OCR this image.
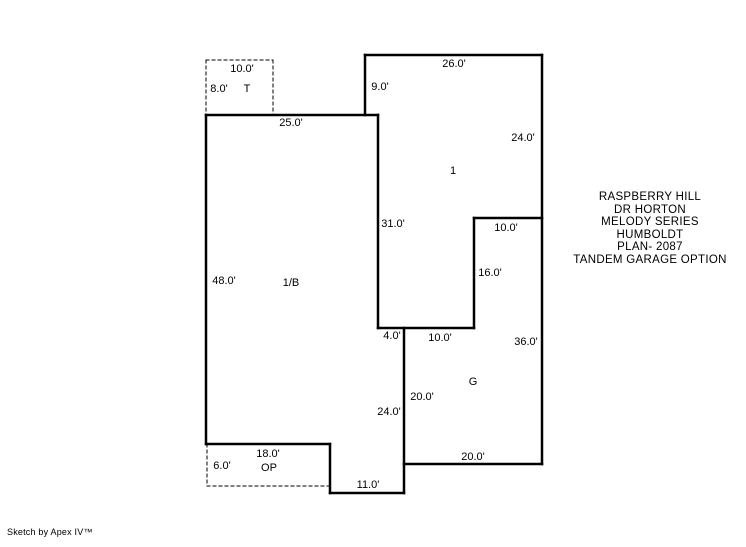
10.0'
8.0' T
25.0'
9.0'
26.0'
24.0'
1
31.0'	10.0'
16.0'
48.0'	1/B
4.0'	10.0'	36.0'
G
20.0'
24.0'
18.0'
OP
6.0'
20.0'
11.0'
RASPBERRY HILL
DR HORTON
MELODY SERIES
HUMBOLDT
PLAN- 2087
TANDEM GARAGE OPTION
Sketch by Apex IV™
